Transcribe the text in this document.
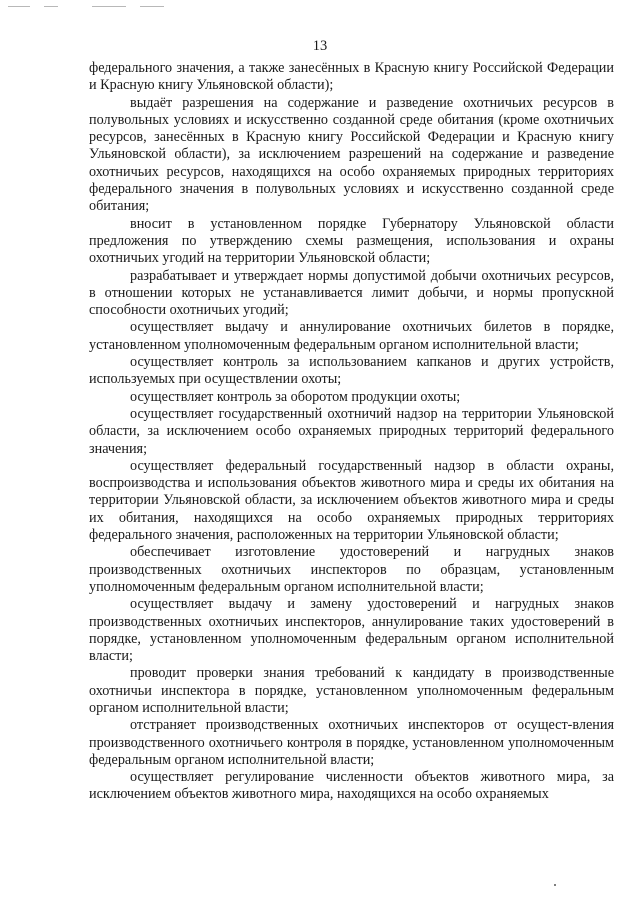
13

федерального значения, а также занесённых в Красную книгу Российской Федерации и Красную книгу Ульяновской области);

выдаёт разрешения на содержание и разведение охотничьих ресурсов в полувольных условиях и искусственно созданной среде обитания (кроме охотничьих ресурсов, занесённых в Красную книгу Российской Федерации и Красную книгу Ульяновской области), за исключением разрешений на содержание и разведение охотничьих ресурсов, находящихся на особо охраняемых природных территориях федерального значения в полувольных условиях и искусственно созданной среде обитания;

вносит в установленном порядке Губернатору Ульяновской области предложения по утверждению схемы размещения, использования и охраны охотничьих угодий на территории Ульяновской области;

разрабатывает и утверждает нормы допустимой добычи охотничьих ресурсов, в отношении которых не устанавливается лимит добычи, и нормы пропускной способности охотничьих угодий;

осуществляет выдачу и аннулирование охотничьих билетов в порядке, установленном уполномоченным федеральным органом исполнительной власти;

осуществляет контроль за использованием капканов и других устройств, используемых при осуществлении охоты;

осуществляет контроль за оборотом продукции охоты;

осуществляет государственный охотничий надзор на территории Ульяновской области, за исключением особо охраняемых природных территорий федерального значения;

осуществляет федеральный государственный надзор в области охраны, воспроизводства и использования объектов животного мира и среды их обитания на территории Ульяновской области, за исключением объектов животного мира и среды их обитания, находящихся на особо охраняемых природных территориях федерального значения, расположенных на территории Ульяновской области;

обеспечивает изготовление удостоверений и нагрудных знаков производственных охотничьих инспекторов по образцам, установленным уполномоченным федеральным органом исполнительной власти;

осуществляет выдачу и замену удостоверений и нагрудных знаков производственных охотничьих инспекторов, аннулирование таких удостоверений в порядке, установленном уполномоченным федеральным органом исполнительной власти;

проводит проверки знания требований к кандидату в производственные охотничьи инспектора в порядке, установленном уполномоченным федеральным органом исполнительной власти;

отстраняет производственных охотничьих инспекторов от осущест-вления производственного охотничьего контроля в порядке, установленном уполномоченным федеральным органом исполнительной власти;

осуществляет регулирование численности объектов животного мира, за исключением объектов животного мира, находящихся на особо охраняемых
